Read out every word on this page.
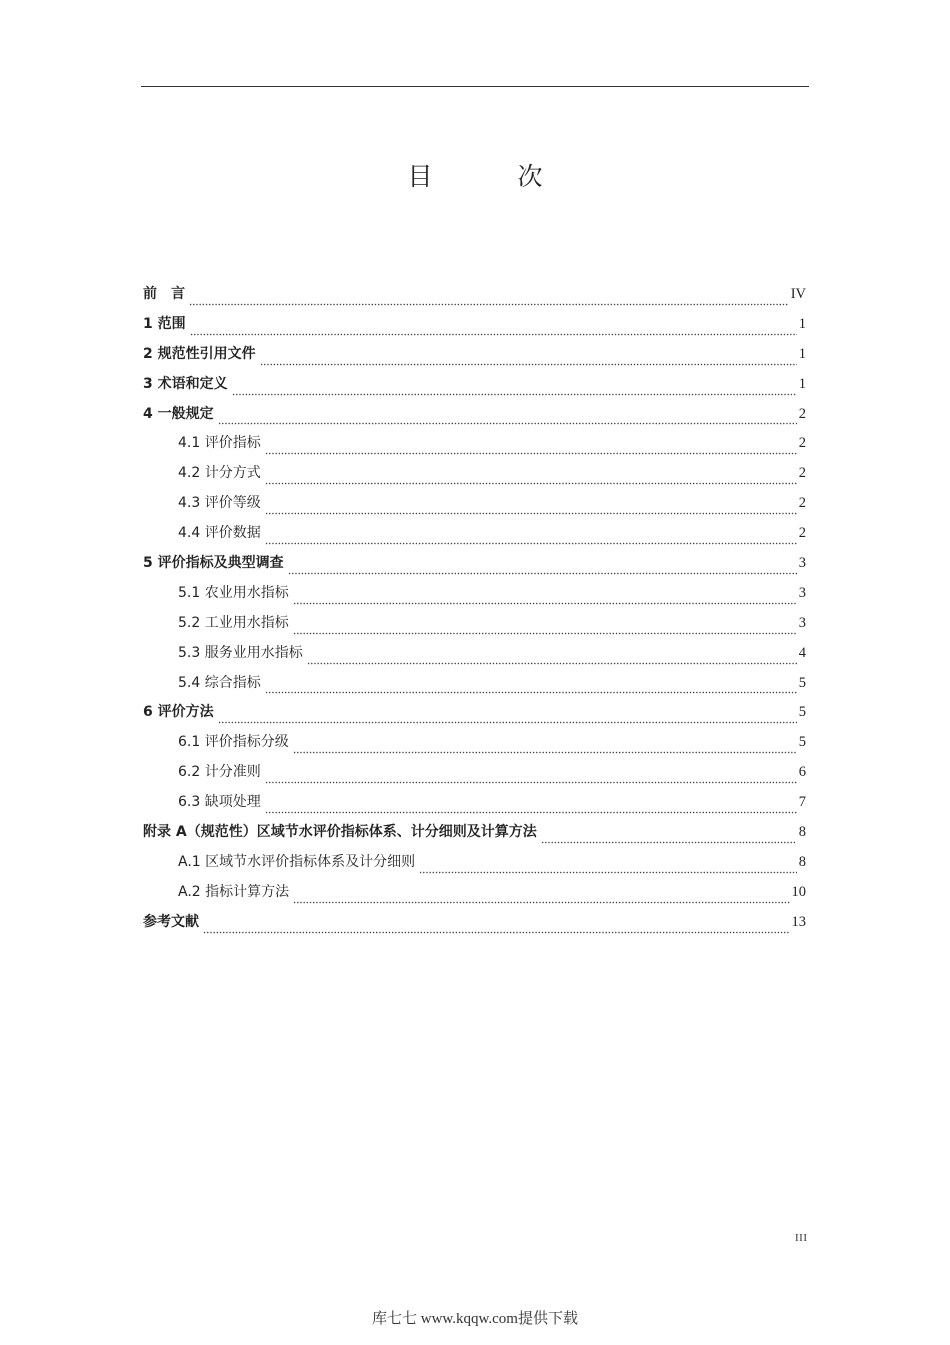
目　次
前　言	IV
1 范围	1
2 规范性引用文件	1
3 术语和定义	1
4 一般规定	2
4.1 评价指标	2
4.2 计分方式	2
4.3 评价等级	2
4.4 评价数据	2
5 评价指标及典型调查	3
5.1 农业用水指标	3
5.2 工业用水指标	3
5.3 服务业用水指标	4
5.4 综合指标	5
6 评价方法	5
6.1 评价指标分级	5
6.2 计分准则	6
6.3 缺项处理	7
附录 A（规范性）区域节水评价指标体系、计分细则及计算方法	8
A.1 区域节水评价指标体系及计分细则	8
A.2 指标计算方法	10
参考文献	13
III
库七七 www.kqqw.com提供下载
